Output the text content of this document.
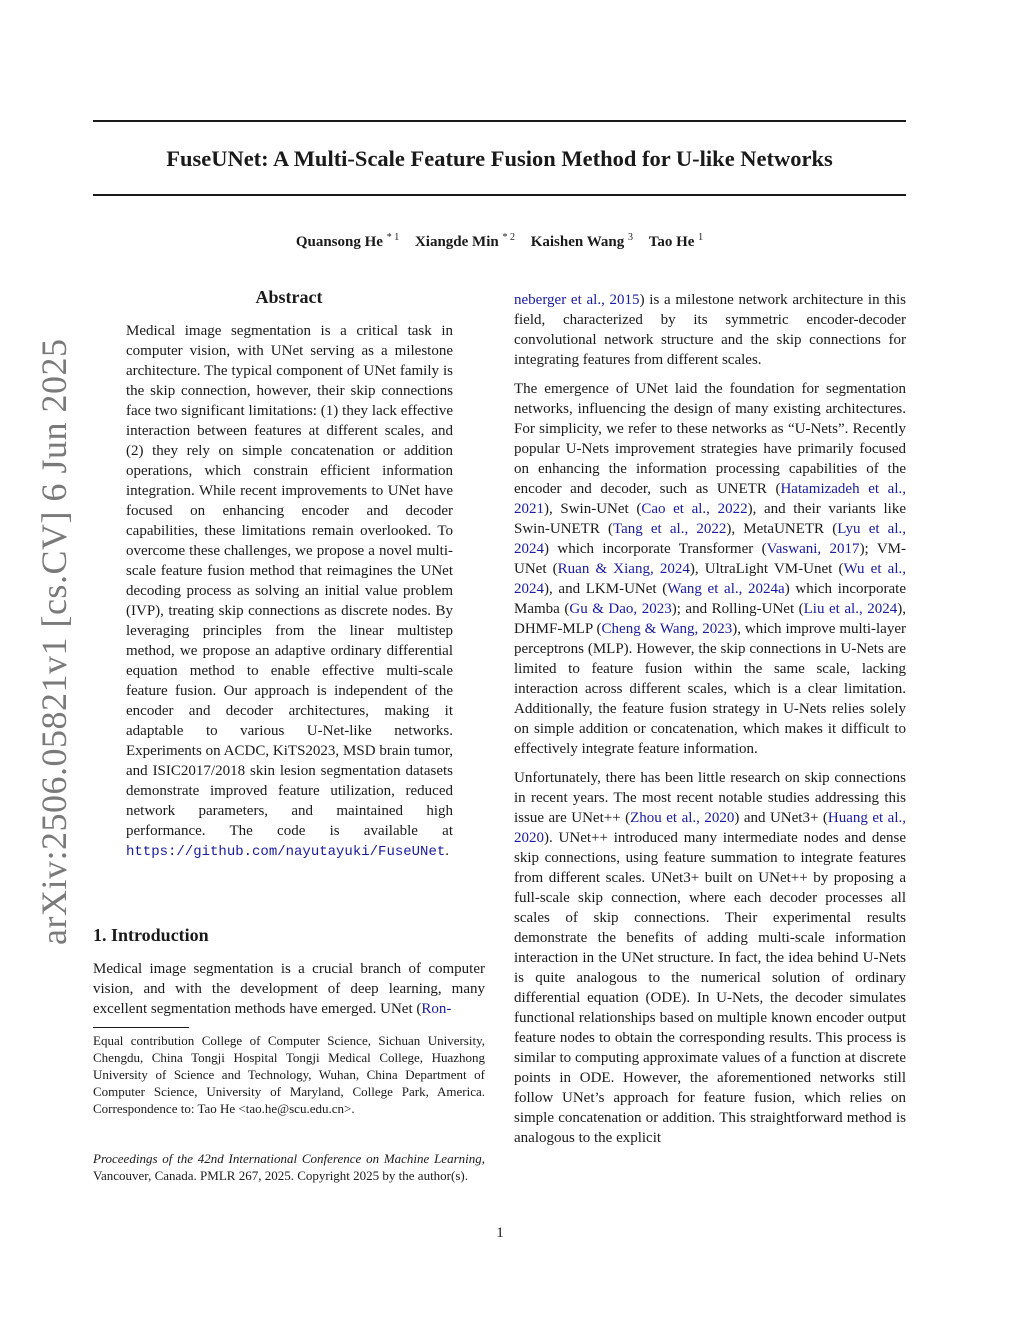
arXiv:2506.05821v1 [cs.CV] 6 Jun 2025
FuseUNet: A Multi-Scale Feature Fusion Method for U-like Networks
Quansong He $^{* 1}$ Xiangde Min $^{* 2}$ Kaishen Wang $^3$ Tao He $^1$
Abstract
Medical image segmentation is a critical task in computer vision, with UNet serving as a milestone architecture. The typical component of UNet family is the skip connection, however, their skip connections face two significant limitations: (1) they lack effective interaction between features at different scales, and (2) they rely on simple concatenation or addition operations, which constrain efficient information integration. While recent improvements to UNet have focused on enhancing encoder and decoder capabilities, these limitations remain overlooked. To overcome these challenges, we propose a novel multi-scale feature fusion method that reimagines the UNet decoding process as solving an initial value problem (IVP), treating skip connections as discrete nodes. By leveraging principles from the linear multistep method, we propose an adaptive ordinary differential equation method to enable effective multi-scale feature fusion. Our approach is independent of the encoder and decoder architectures, making it adaptable to various U-Net-like networks. Experiments on ACDC, KiTS2023, MSD brain tumor, and ISIC2017/2018 skin lesion segmentation datasets demonstrate improved feature utilization, reduced network parameters, and maintained high performance. The code is available at https://github.com/nayutayuki/FuseUNet.
1. Introduction
Medical image segmentation is a crucial branch of computer vision, and with the development of deep learning, many excellent segmentation methods have emerged. UNet (Ron-
Equal contribution College of Computer Science, Sichuan University, Chengdu, China Tongji Hospital Tongji Medical College, Huazhong University of Science and Technology, Wuhan, China Department of Computer Science, University of Maryland, College Park, America. Correspondence to: Tao He <tao.he@scu.edu.cn>.
Proceedings of the 42nd International Conference on Machine Learning, Vancouver, Canada. PMLR 267, 2025. Copyright 2025 by the author(s).

neberger et al., 2015) is a milestone network architecture in this field, characterized by its symmetric encoder-decoder convolutional network structure and the skip connections for integrating features from different scales.

The emergence of UNet laid the foundation for segmentation networks, influencing the design of many existing architectures. For simplicity, we refer to these networks as “U-Nets”. Recently popular U-Nets improvement strategies have primarily focused on enhancing the information processing capabilities of the encoder and decoder, such as UNETR (Hatamizadeh et al., 2021), Swin-UNet (Cao et al., 2022), and their variants like Swin-UNETR (Tang et al., 2022), MetaUNETR (Lyu et al., 2024) which incorporate Transformer (Vaswani, 2017); VM-UNet (Ruan & Xiang, 2024), UltraLight VM-Unet (Wu et al., 2024), and LKM-UNet (Wang et al., 2024a) which incorporate Mamba (Gu & Dao, 2023); and Rolling-UNet (Liu et al., 2024), DHMF-MLP (Cheng & Wang, 2023), which improve multi-layer perceptrons (MLP). However, the skip connections in U-Nets are limited to feature fusion within the same scale, lacking interaction across different scales, which is a clear limitation. Additionally, the feature fusion strategy in U-Nets relies solely on simple addition or concatenation, which makes it difficult to effectively integrate feature information.

Unfortunately, there has been little research on skip connections in recent years. The most recent notable studies addressing this issue are UNet++ (Zhou et al., 2020) and UNet3+ (Huang et al., 2020). UNet++ introduced many intermediate nodes and dense skip connections, using feature summation to integrate features from different scales. UNet3+ built on UNet++ by proposing a full-scale skip connection, where each decoder processes all scales of skip connections. Their experimental results demonstrate the benefits of adding multi-scale information interaction in the UNet structure. In fact, the idea behind U-Nets is quite analogous to the numerical solution of ordinary differential equation (ODE). In U-Nets, the decoder simulates functional relationships based on multiple known encoder output feature nodes to obtain the corresponding results. This process is similar to computing approximate values of a function at discrete points in ODE. However, the aforementioned networks still follow UNet’s approach for feature fusion, which relies on simple concatenation or addition. This straightforward method is analogous to the explicit

1
